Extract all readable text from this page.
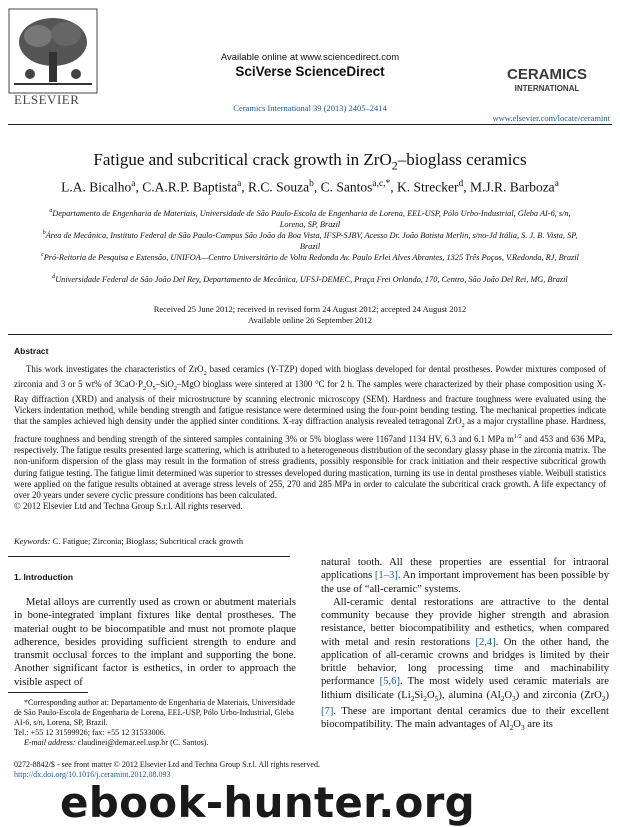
ELSEVIER
Available online at www.sciencedirect.com
SciVerse ScienceDirect
Ceramics International 39 (2013) 2405–2414
CERAMICS
INTERNATIONAL
www.elsevier.com/locate/ceramint
Fatigue and subcritical crack growth in ZrO$_2$–bioglass ceramics
L.A. Bicalho$^a$, C.A.R.P. Baptista$^a$, R.C. Souza$^b$, C. Santos$^{a,c,*}$, K. Strecker$^d$, M.J.R. Barboza$^a$
$^a$Departamento de Engenharia de Materiais, Universidade de São Paulo-Escola de Engenharia de Lorena, EEL-USP, Pólo Urbo-Industrial, Gleba AI-6, s/n, Lorena, SP, Brazil
$^b$Área de Mecânica, Instituto Federal de São Paulo-Campus São João da Boa Vista, IFSP-SJBV, Acesso Dr. João Batista Merlin, s/no-Jd Itália, S. J. B. Vista, SP, Brazil
$^c$Pró-Reitoria de Pesquisa e Extensão, UNIFOA—Centro Universitário de Volta Redonda Av. Paulo Erlei Alves Abrantes, 1325 Três Poços, V.Redonda, RJ, Brazil
$^d$Universidade Federal de São João Del Rey, Departamento de Mecânica, UFSJ-DEMEC, Praça Frei Orlando, 170, Centro, São João Del Rei, MG, Brazil
Received 25 June 2012; received in revised form 24 August 2012; accepted 24 August 2012
Available online 26 September 2012
Abstract
This work investigates the characteristics of ZrO$_2$ based ceramics (Y-TZP) doped with bioglass developed for dental prostheses. Powder mixtures composed of zirconia and 3 or 5 wt% of $3CaO\cdot P_2O_5-SiO_2$–MgO bioglass were sintered at 1300 °C for 2 h. The samples were characterized by their phase composition using X-Ray diffraction (XRD) and analysis of their microstructure by scanning electronic microscopy (SEM). Hardness and fracture toughness were evaluated using the Vickers indentation method, while bending strength and fatigue resistance were determined using the four-point bending testing. The mechanical properties indicate that the samples achieved high density under the applied sinter conditions. X-ray diffraction analysis revealed tetragonal ZrO$_2$ as a major crystalline phase. Hardness, fracture toughness and bending strength of the sintered samples containing 3% or 5% bioglass were 1167and 1134 HV, 6.3 and 6.1 MPa $m^{1/2}$ and 453 and 636 MPa, respectively. The fatigue results presented large scattering, which is attributed to a heterogeneous distribution of the secondary glassy phase in the zirconia matrix. The non-uniform dispersion of the glass may result in the formation of stress gradients, possibly responsible for crack initiation and their respective subcritical growth during fatigue testing. The fatigue limit determined was superior to stresses developed during mastication, turning its use in dental prostheses viable. Weibull statistics were applied on the fatigue results obtained at average stress levels of 255, 270 and 285 MPa in order to calculate the subcritical crack growth. A life expectancy of over 20 years under severe cyclic pressure conditions has been calculated.
© 2012 Elsevier Ltd and Techna Group S.r.l. All rights reserved.
Keywords: C. Fatigue; Zirconia; Bioglass; Subcritical crack growth
1. Introduction
Metal alloys are currently used as crown or abutment materials in bone-integrated implant fixtures like dental prostheses. The material ought to be biocompatible and must not promote plaque adherence, besides providing sufficient strength to endure and transmit occlusal forces to the implant and supporting the bone. Another significant factor is esthetics, in order to approach the visible aspect of
natural tooth. All these properties are essential for intraoral applications [1–3]. An important improvement has been possible by the use of “all-ceramic” systems.
All-ceramic dental restorations are attractive to the dental community because they provide higher strength and abrasion resistance, better biocompatibility and esthetics, when compared with metal and resin restorations [2,4]. On the other hand, the application of all-ceramic crowns and bridges is limited by their brittle behavior, long processing time and machinability performance [5,6]. The most widely used ceramic materials are lithium disilicate $(Li_2Si_2O_5)$, alumina $(Al_2O_3)$ and zirconia (ZrO$_2$) [7]. These are important dental ceramics due to their excellent biocompatibility. The main advantages of $Al_2O_3$ are its
*Corresponding author at: Departamento de Engenharia de Materiais, Universidade de São Paulo-Escola de Engenharia de Lorena, EEL-USP, Pólo Urbo-Industrial, Gleba AI-6, s/n, Lorena, SP, Brazil.
Tel.: +55 12 31599926; fax: +55 12 31533006.
E-mail address: claudinei@demar.eel.usp.br (C. Santos).
0272-8842/$ - see front matter © 2012 Elsevier Ltd and Techna Group S.r.l. All rights reserved.
http://dx.doi.org/10.1016/j.ceramint.2012.08.093
ebook-hunter.org
